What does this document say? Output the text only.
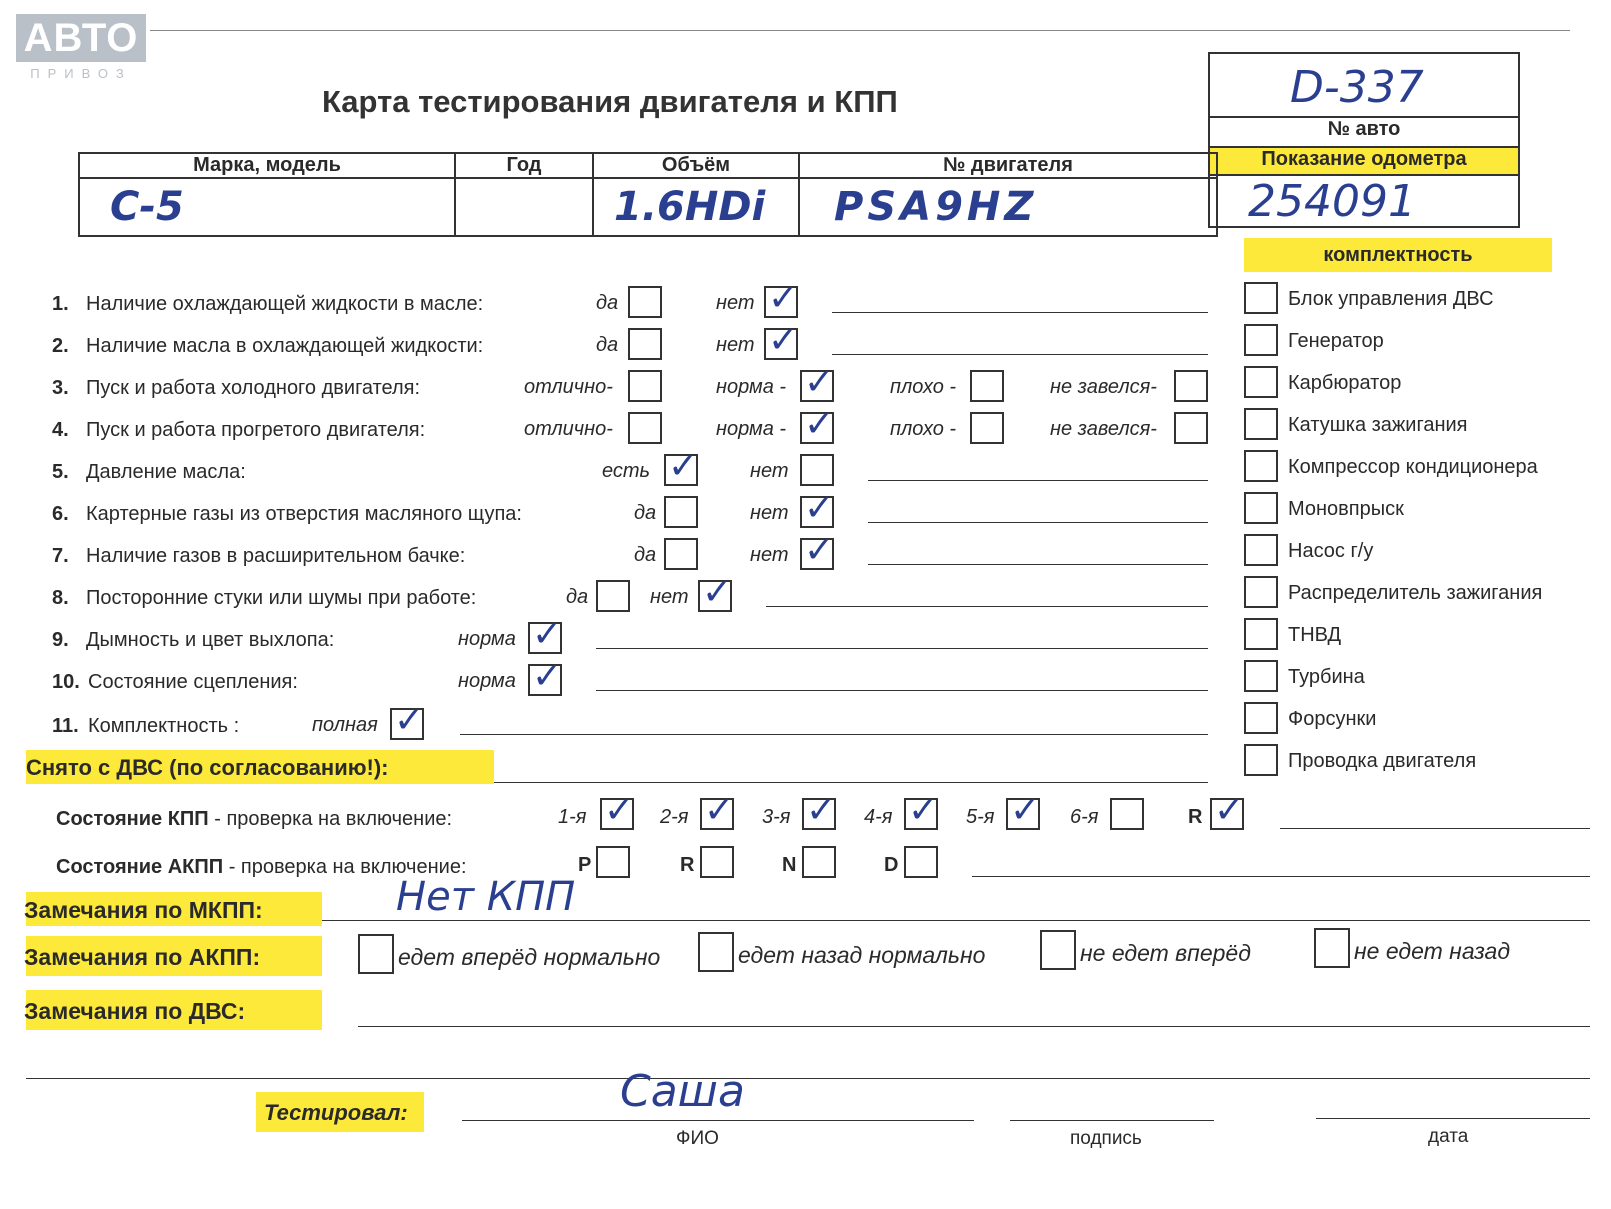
АВТО
ПРИВОЗ
Карта тестирования двигателя и КПП	D-337
№ авто
Показание одометра
254091
Марка, модель	Год	Объём	№ двигателя
C-5		1.6HDi	PSA9HZ
комплектность
1. Наличие охлаждающей жидкости в масле:	да	нет ✓
2. Наличие масла в охлаждающей жидкости:	да	нет ✓
3. Пуск и работа холодного двигателя:	отлично-	норма - ✓	плохо -	не завелся-
4. Пуск и работа прогретого двигателя:	отлично-	норма - ✓	плохо -	не завелся-
5. Давление масла:	есть ✓	нет
6. Картерные газы из отверстия масляного щупа:	да	нет ✓
7. Наличие газов в расширительном бачке:	да	нет ✓
8. Посторонние стуки или шумы при работе:	да	нет ✓
9. Дымность и цвет выхлопа:	норма ✓
10. Состояние сцепления:	норма ✓
11. Комплектность :	полная ✓
Блок управления ДВС
Генератор
Карбюратор
Катушка зажигания
Компрессор кондиционера
Моновпрыск
Насос г/у
Распределитель зажигания
ТНВД
Турбина
Форсунки
Проводка двигателя
Снято с ДВС (по согласованию!):
Состояние КПП - проверка на включение:	1-я ✓ 2-я ✓ 3-я ✓ 4-я ✓ 5-я ✓ 6-я	R ✓
Состояние АКПП - проверка на включение:	P	R	N	D
Замечания по МКПП:	Нет КПП
Замечания по АКПП:	едет вперёд нормально	едет назад нормально	не едет вперёд	не едет назад
Замечания по ДВС:
Тестировал:	Саша
ФИО	подпись	дата
